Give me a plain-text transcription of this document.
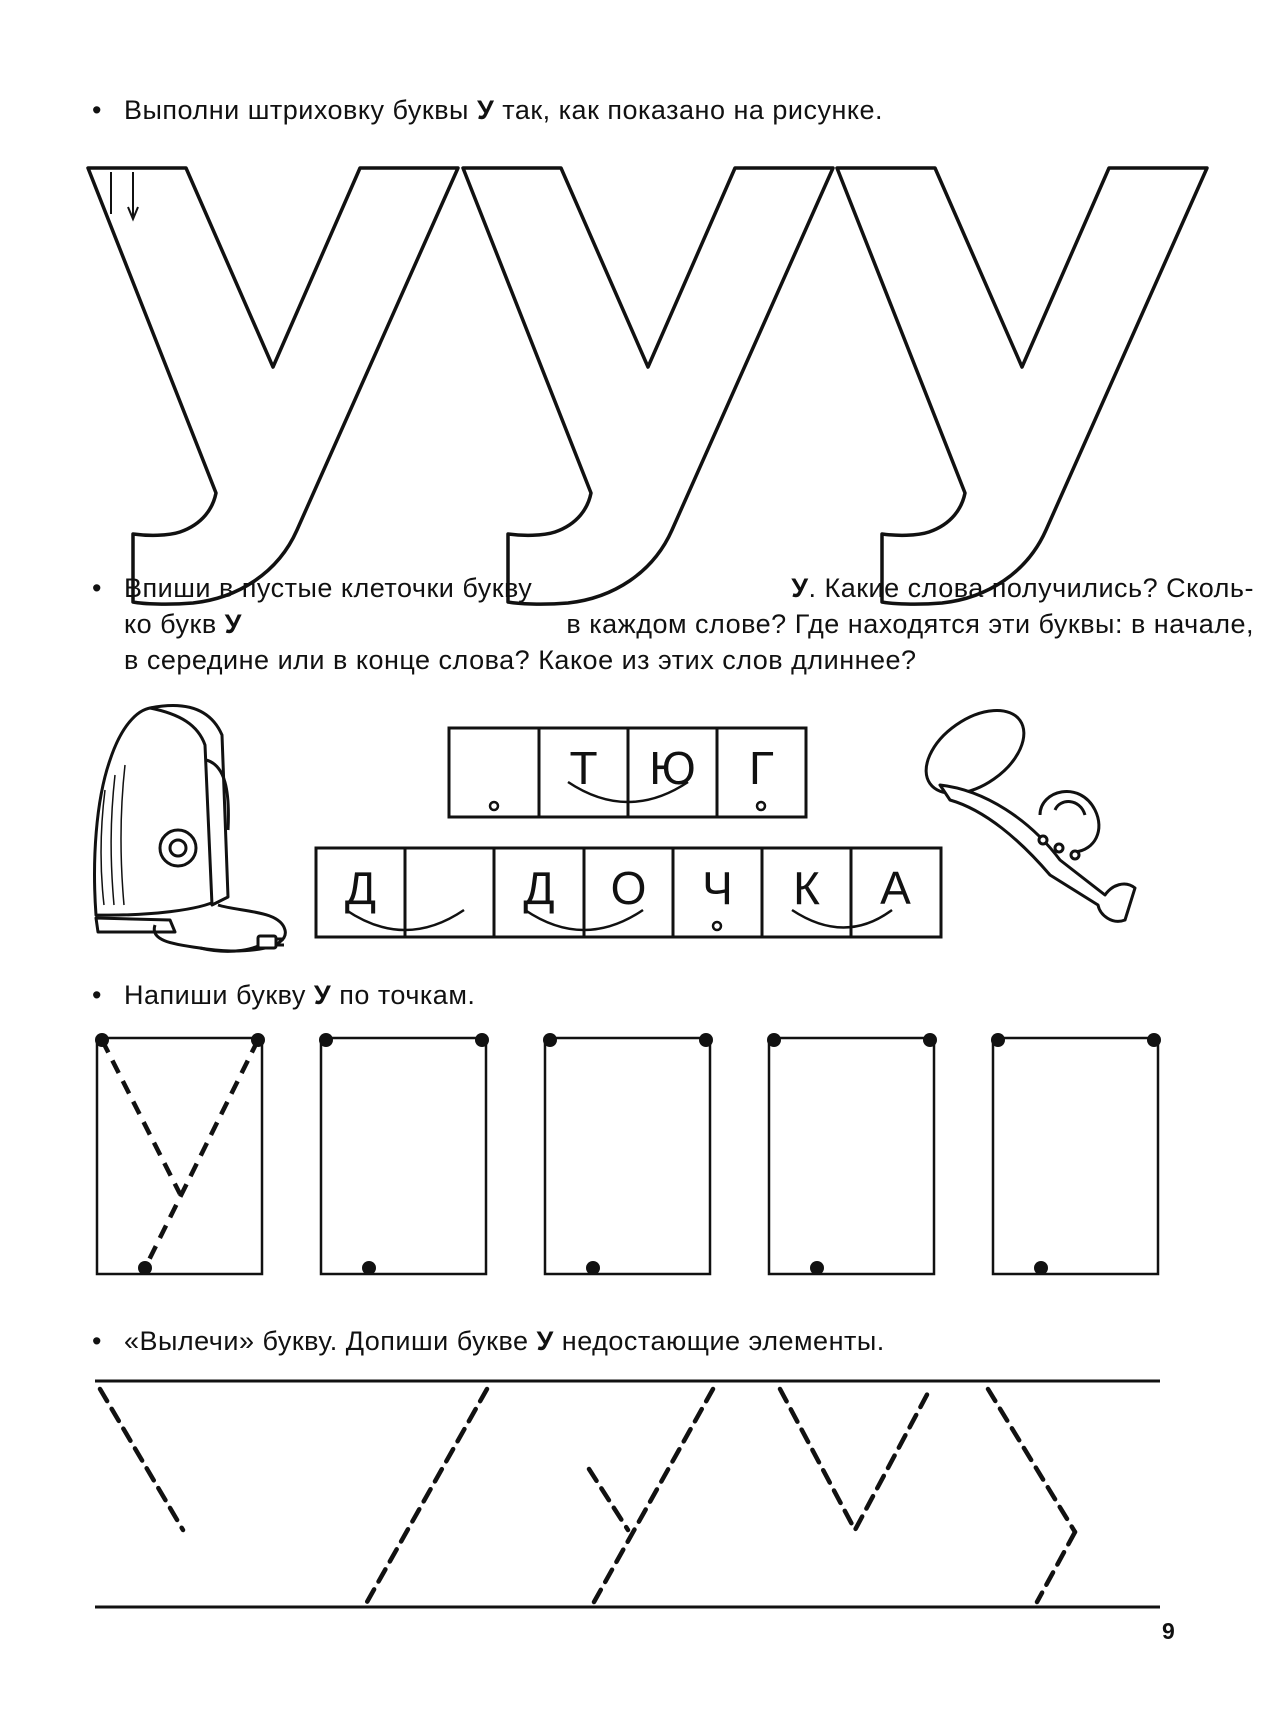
• Выполни штриховку буквы У так, как показано на рисунке.
• Впиши в пустые клеточки букву	У. Какие слова получились? Сколь-

ко букв У	в каждом слове? Где находятся эти буквы: в начале,

в середине или в конце слова? Какое из этих слов длиннее?

Т	Ю	Г
Д	Д	О	Ч	К	А
• Напиши букву У по точкам.
• «Вылечи» букву. Допиши букве У недостающие элементы.
9
